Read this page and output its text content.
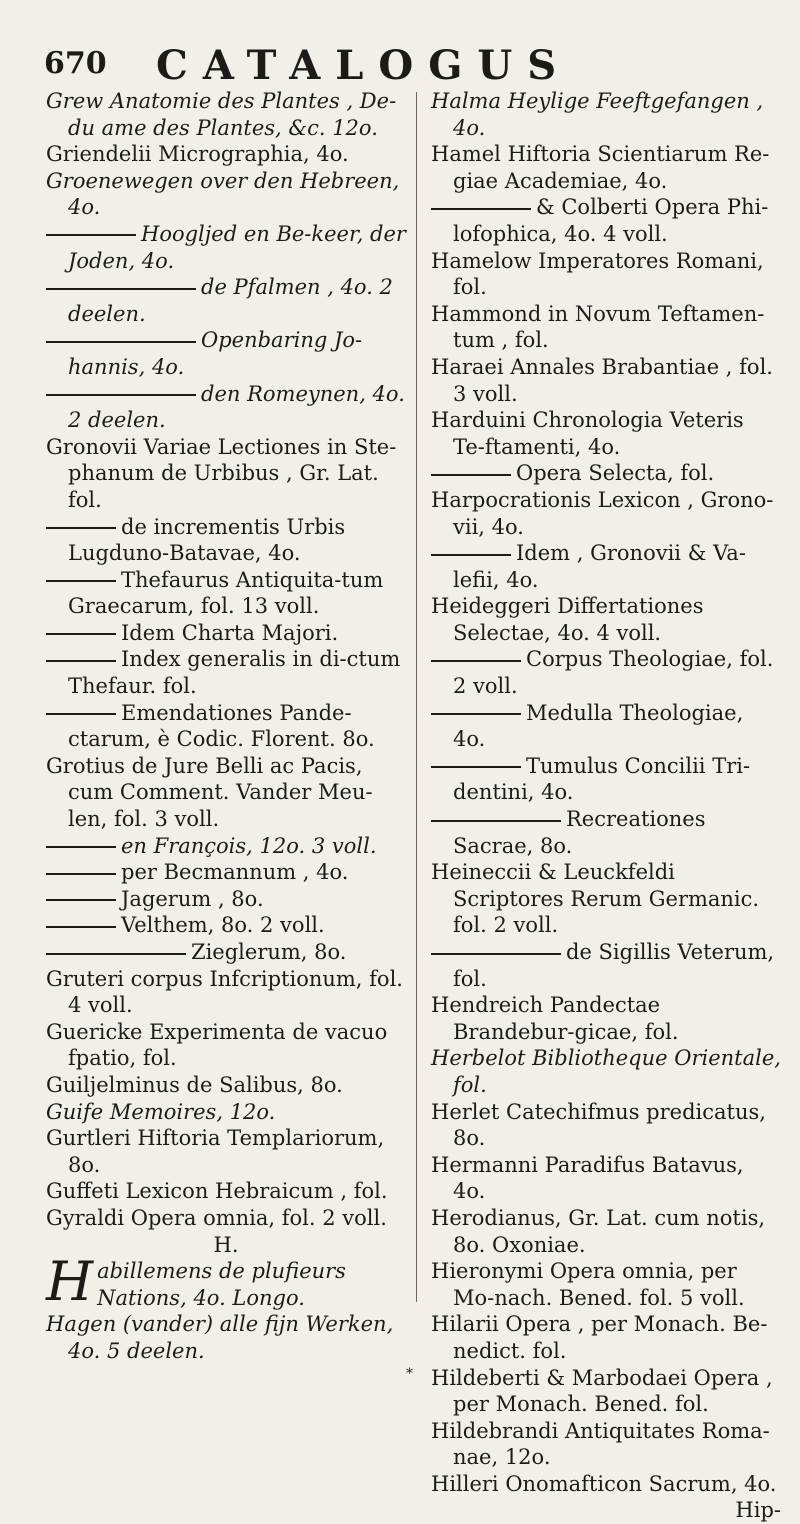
670 CATALOGUS
Grew Anatomie des Plantes , De- du ame des Plantes, &c. 12o.
Griendelii Micrographia, 4o.
Groenewegen over den Hebreen, 4o.
Hoogljed en Be-keer, der Joden, 4o.
de Pfalmen , 4o. 2 deelen.
Openbaring Jo-hannis, 4o.
den Romeynen, 4o. 2 deelen.
Gronovii Variae Lectiones in Ste-phanum de Urbibus , Gr. Lat. fol.
de incrementis Urbis Lugduno-Batavae, 4o.
Thefaurus Antiquita-tum Graecarum, fol. 13 voll.
Idem Charta Majori.
Index generalis in di-ctum Thefaur. fol.
Emendationes Pande-ctarum, è Codic. Florent. 8o.
Grotius de Jure Belli ac Pacis, cum Comment. Vander Meu-len, fol. 3 voll.
en François, 12o. 3 voll.
per Becmannum , 4o.
Jagerum , 8o.
Velthem, 8o. 2 voll.
Zieglerum, 8o.
Gruteri corpus Infcriptionum, fol. 4 voll.
Guericke Experimenta de vacuo fpatio, fol.
Guiljelminus de Salibus, 8o.
Guife Memoires, 12o.
Gurtleri Hiftoria Templariorum, 8o.
Guffeti Lexicon Hebraicum , fol.
Gyraldi Opera omnia, fol. 2 voll.
H.
Habillemens de plufieurs Nations, 4o. Longo.
Hagen (vander) alle fijn Werken, 4o. 5 deelen.
Halma Heylige Feeftgefangen , 4o.
Hamel Hiftoria Scientiarum Re-giae Academiae, 4o.
& Colberti Opera Phi-lofophica, 4o. 4 voll.
Hamelow Imperatores Romani, fol.
Hammond in Novum Teftamen-tum , fol.
Haraei Annales Brabantiae , fol. 3 voll.
Harduini Chronologia Veteris Te-ftamenti, 4o.
Opera Selecta, fol.
Harpocrationis Lexicon , Grono-vii, 4o.
Idem , Gronovii & Va-lefii, 4o.
Heideggeri Differtationes Selectae, 4o. 4 voll.
Corpus Theologiae, fol. 2 voll.
Medulla Theologiae, 4o.
Tumulus Concilii Tri-dentini, 4o.
Recreationes Sacrae, 8o.
Heineccii & Leuckfeldi Scriptores Rerum Germanic. fol. 2 voll.
de Sigillis Veterum, fol.
Hendreich Pandectae Brandebur-gicae, fol.
Herbelot Bibliotheque Orientale, fol.
Herlet Catechifmus predicatus, 8o.
Hermanni Paradifus Batavus, 4o.
Herodianus, Gr. Lat. cum notis, 8o. Oxoniae.
Hieronymi Opera omnia, per Mo-nach. Bened. fol. 5 voll.
Hilarii Opera , per Monach. Be-nedict. fol.
Hildeberti & Marbodaei Opera , per Monach. Bened. fol.
Hildebrandi Antiquitates Roma-nae, 12o.
Hilleri Onomafticon Sacrum, 4o.
Hip-
*
